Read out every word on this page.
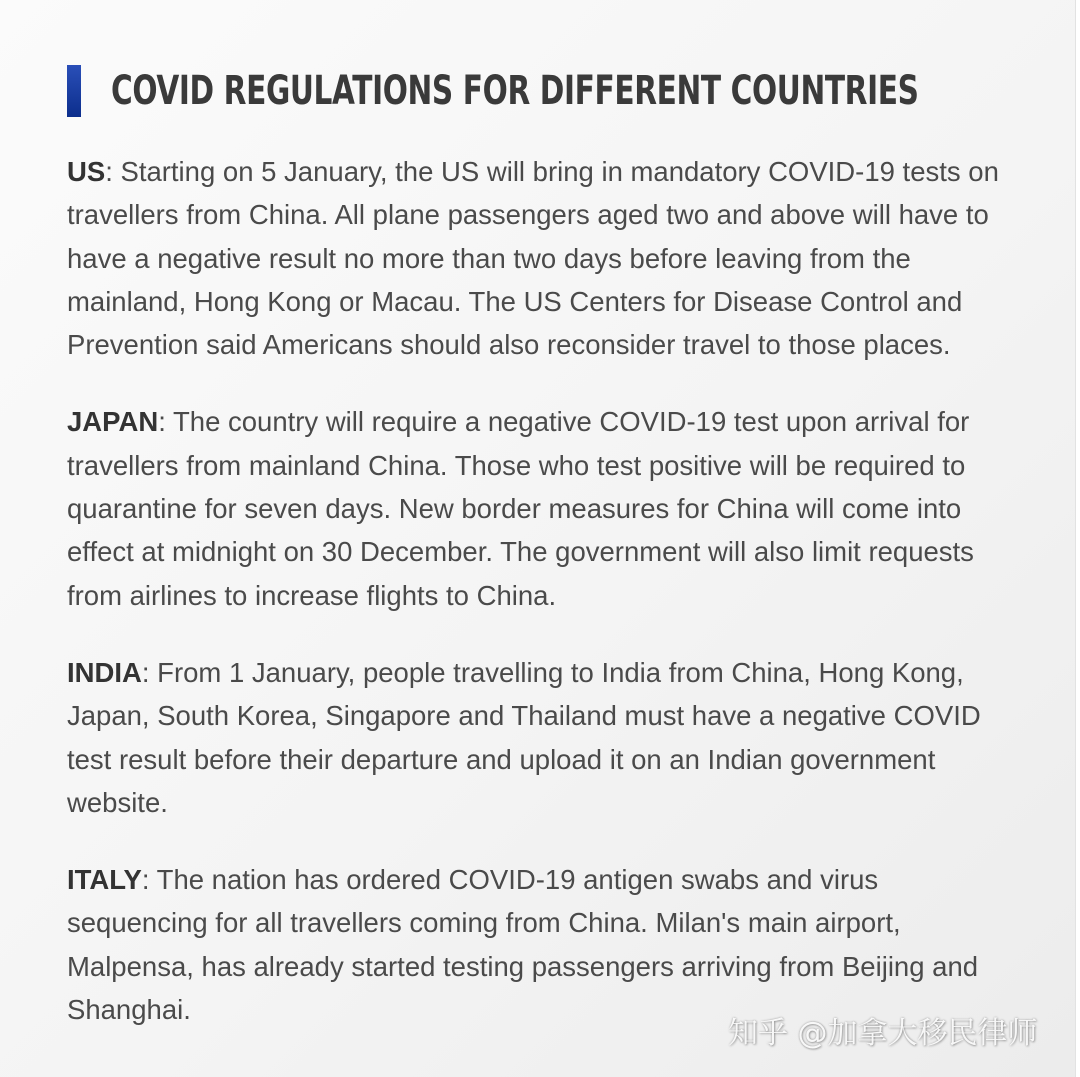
COVID REGULATIONS FOR DIFFERENT COUNTRIES

US: Starting on 5 January, the US will bring in mandatory COVID-19 tests on travellers from China. All plane passengers aged two and above will have to have a negative result no more than two days before leaving from the mainland, Hong Kong or Macau. The US Centers for Disease Control and Prevention said Americans should also reconsider travel to those places.

JAPAN: The country will require a negative COVID-19 test upon arrival for travellers from mainland China. Those who test positive will be required to quarantine for seven days. New border measures for China will come into effect at midnight on 30 December. The government will also limit requests from airlines to increase flights to China.

INDIA: From 1 January, people travelling to India from China, Hong Kong, Japan, South Korea, Singapore and Thailand must have a negative COVID test result before their departure and upload it on an Indian government website.

ITALY: The nation has ordered COVID-19 antigen swabs and virus sequencing for all travellers coming from China. Milan's main airport, Malpensa, has already started testing passengers arriving from Beijing and Shanghai.

知乎 @加拿大移民律师
